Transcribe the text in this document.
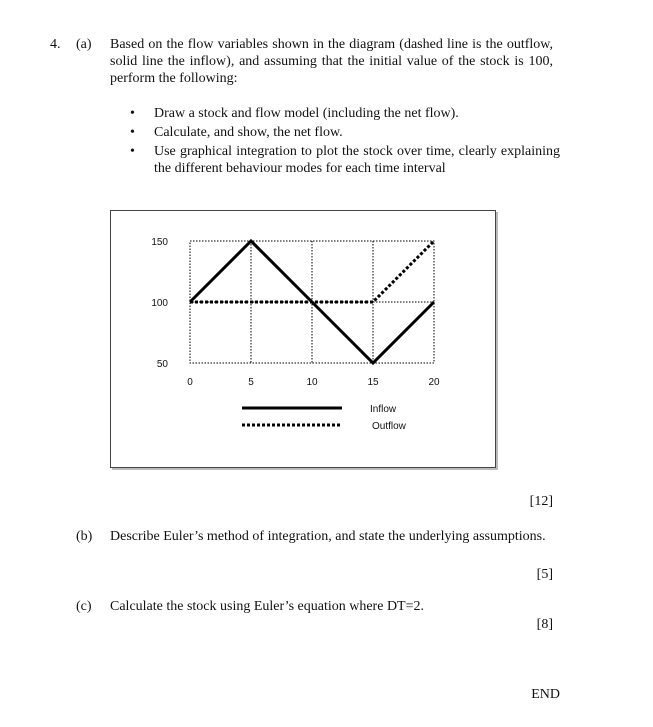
4. (a) Based on the flow variables shown in the diagram (dashed line is the outflow, solid line the inflow), and assuming that the initial value of the stock is 100, perform the following:
• Draw a stock and flow model (including the net flow).
• Calculate, and show, the net flow.
• Use graphical integration to plot the stock over time, clearly explaining the different behaviour modes for each time interval
0	5	10	15	20
150
100
50
Inflow
Outflow
[12]
(b) Describe Euler’s method of integration, and state the underlying assumptions.
[5]
(c) Calculate the stock using Euler’s equation where DT=2.
[8]
END
